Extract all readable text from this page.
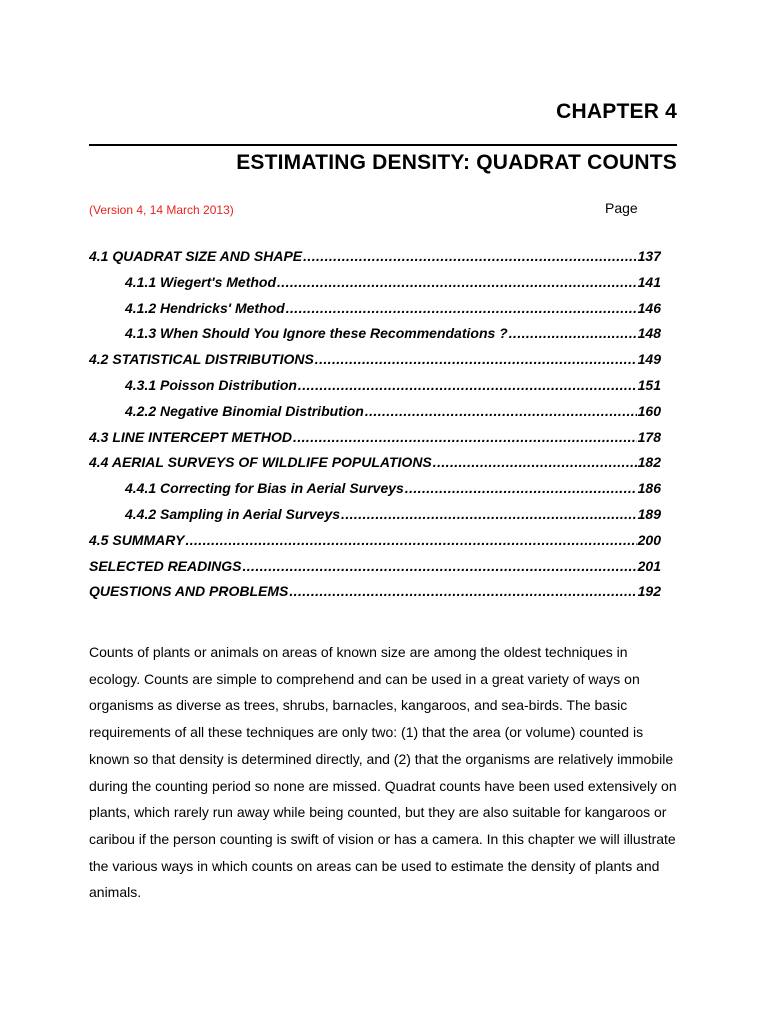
CHAPTER 4
ESTIMATING DENSITY: QUADRAT COUNTS
(Version 4, 14 March 2013)	Page
4.1 QUADRAT SIZE AND SHAPE .....	137
4.1.1 Wiegert's Method .....	141
4.1.2 Hendricks' Method .....	146
4.1.3 When Should You Ignore these Recommendations ? .....	148
4.2 STATISTICAL DISTRIBUTIONS .....	149
4.3.1 Poisson Distribution .....	151
4.2.2 Negative Binomial Distribution .....	160
4.3 LINE INTERCEPT METHOD .....	178
4.4 AERIAL SURVEYS OF WILDLIFE POPULATIONS .....	182
4.4.1 Correcting for Bias in Aerial Surveys .....	186
4.4.2 Sampling in Aerial Surveys .....	189
4.5 SUMMARY .....	200
SELECTED READINGS .....	201
QUESTIONS AND PROBLEMS .....	192

Counts of plants or animals on areas of known size are among the oldest techniques in ecology. Counts are simple to comprehend and can be used in a great variety of ways on organisms as diverse as trees, shrubs, barnacles, kangaroos, and sea-birds. The basic requirements of all these techniques are only two: (1) that the area (or volume) counted is known so that density is determined directly, and (2) that the organisms are relatively immobile during the counting period so none are missed. Quadrat counts have been used extensively on plants, which rarely run away while being counted, but they are also suitable for kangaroos or caribou if the person counting is swift of vision or has a camera. In this chapter we will illustrate the various ways in which counts on areas can be used to estimate the density of plants and animals.
